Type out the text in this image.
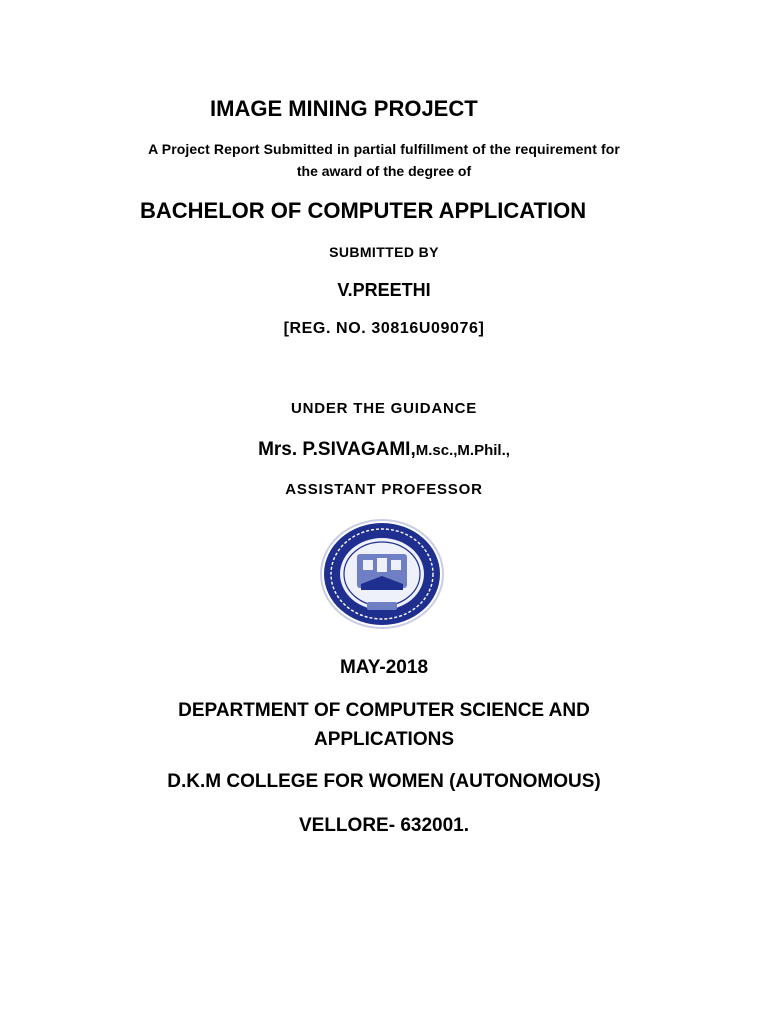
IMAGE MINING PROJECT
A Project Report Submitted in partial fulfillment of the requirement for
the award of the degree of
BACHELOR OF COMPUTER APPLICATION
SUBMITTED BY
V.PREETHI
[REG. NO. 30816U09076]
UNDER THE GUIDANCE
Mrs. P.SIVAGAMI,M.sc.,M.Phil.,
ASSISTANT PROFESSOR
MAY-2018
DEPARTMENT OF COMPUTER SCIENCE AND
APPLICATIONS
D.K.M COLLEGE FOR WOMEN (AUTONOMOUS)
VELLORE- 632001.
